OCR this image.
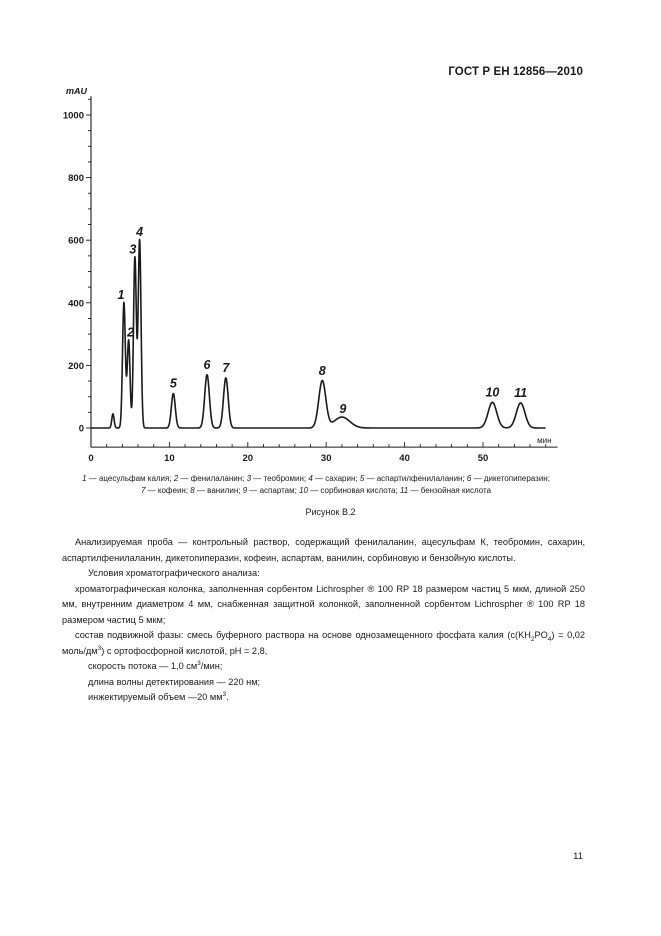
ГОСТ Р ЕН 12856—2010
0
200
400
600
800
1000
mAU
0	10	20	30	40	50
мин
1
2
3
4
5
6 7	8
9
10 11
1 — ацесульфам калия; 2 — фенилаланин; 3 — теобромин; 4 — сахарин; 5 — аспартилфенилаланин; 6 — дикетопиперазин;
7 — кофеин; 8 — ванилин; 9 — аспартам; 10 — сорбиновая кислота; 11 — бензойная кислота
Рисунок В.2

Анализируемая проба — контрольный раствор, содержащий фенилаланин, ацесульфам К, теобромин, сахарин, аспартилфенилаланин, дикетопиперазин, кофеин, аспартам, ванилин, сорбиновую и бензойную кислоты.

Условия хроматографического анализа:

хроматографическая колонка, заполненная сорбентом Lichrospher ® 100 RP 18 размером частиц 5 мкм, длиной 250 мм, внутренним диаметром 4 мм, снабженная защитной колонкой, заполненной сорбентом Lichrospher ® 100 RP 18 размером частиц 5 мкм;

состав подвижной фазы: смесь буферного раствора на основе однозамещенного фосфата калия ($c(KH_2PO_4) = 0,02$ моль/$дм^3$) с ортофосфорной кислотой, pH = 2,8,

скорость потока — 1,0 $см^3$/мин;

длина волны детектирования — 220 нм;

инжектируемый объем —20 $мм^3$.

11
